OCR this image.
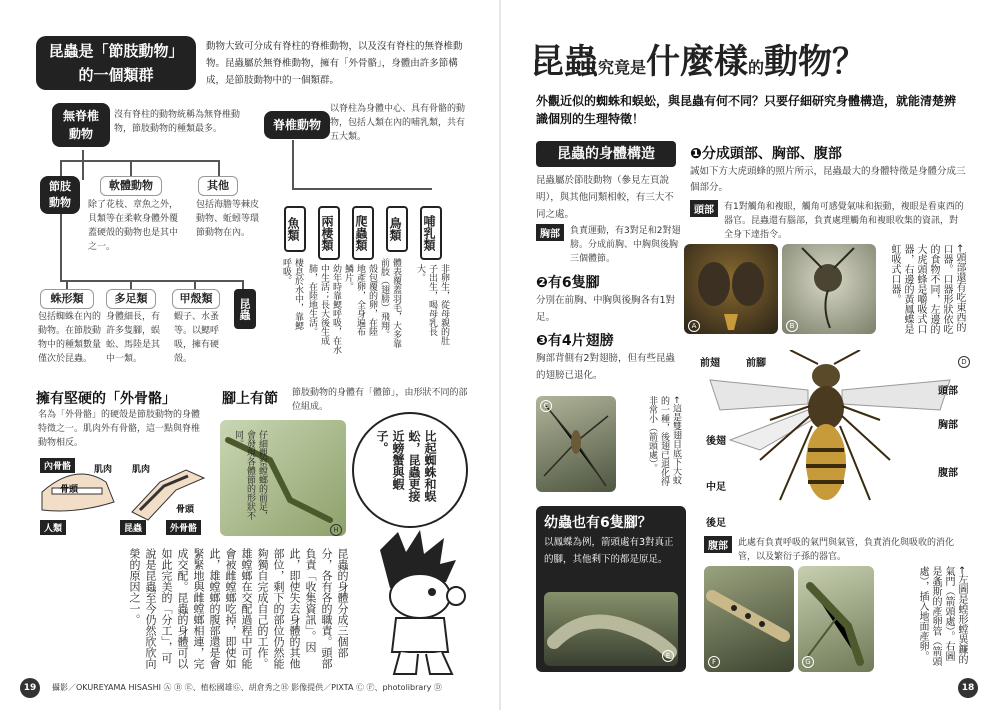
昆蟲是「節肢動物」
的一個類群
動物大致可分成有脊柱的脊椎動物，以及沒有脊柱的無脊椎動物。昆蟲屬於無脊椎動物，擁有「外骨骼」，身體由許多節構成，是節肢動物中的一個類群。
無脊椎
動物
沒有脊柱的動物統稱為無脊椎動物，節肢動物的種類最多。	脊椎動物
以脊柱為身體中心、具有骨骼的動物，包括人類在內的哺乳類，共有五大類。
節肢
動物
軟體動物
除了花枝、章魚之外，貝類等在柔軟身體外覆蓋硬殼的動物也是其中之一。
其他
包括海膽等棘皮動物、蚯蚓等環節動物在內。
蛛形類
包括蜘蛛在內的動物。在節肢動物中的種類數量僅次於昆蟲。
多足類
身體細長，有許多隻腳，蜈蚣、馬陸是其中一類。
甲殼類
蝦子、水蚤等。以鰓呼吸，擁有硬殼。
昆蟲
魚類
棲息於水中，靠鰓呼吸。
兩棲類
幼年時靠鰓呼吸，在水中生活；長大後生成肺，在陸地生活。
爬蟲類
殼包覆的卵，在陸地產卵，全身遍布鱗片。
鳥類
體表覆蓋羽毛，大多靠前肢（翅膀）飛翔。
哺乳類
非卵生，從母親的肚子出生，喝母乳長大。
擁有堅硬的「外骨骼」
名為「外骨骼」的硬殼是節肢動物的身體特徵之一。肌肉外有骨骼，這一點與脊椎動物相反。
內骨骼	肌肉
骨頭
肌肉
骨頭
人類	昆蟲	外骨骼
腳上有節 節肢動物的身體有「體節」，由形狀不同的部位組成。
H
仔細觀察螳螂的前足，會發現各體節的形狀不同。	比起蜘蛛和蜈蚣，昆蟲更接近螃蟹與蝦子。
昆蟲的身體分成三個部分，各有各的職責。頭部負責「收集資訊」。因此，即使失去身體的其他部位，剩下的部位仍然能夠獨自完成自己的工作。雄螳螂在交配過程中可能會被雌螳螂吃掉，即使如此，雄螳螂的腹部還是會緊緊地與雌螳螂相連，完成交配。昆蟲的身體可以如此完美的「分工」，可說是昆蟲至今仍然欣欣向榮的原因之一。
19	攝影／OKUREYAMA HISASHI Ⓐ Ⓑ Ⓔ、植松國雄Ⓖ、胡倉秀之Ⓗ 影像提供／PIXTA Ⓒ Ⓕ、photolibrary Ⓓ
昆蟲究竟是什麼樣的動物？
外觀近似的蜘蛛和蜈蚣，與昆蟲有何不同？只要仔細研究身體構造，就能清楚辨識個別的生理特徵！
昆蟲的身體構造
昆蟲屬於節肢動物（參見左頁說明），與其他同類相較，有三大不同之處。
胸部	負責運動，有3對足和2對翅膀。分成前胸、中胸與後胸三個體節。
❶分成頭部、胸部、腹部
誠如下方大虎頭蜂的照片所示，昆蟲最大的身體特徵是身體分成三個部分。
頭部	有1對觸角和複眼，觸角可感覺氣味和振動，複眼是看東西的器官。昆蟲還有腦部，負責處理觸角和複眼收集的資訊，對全身下達指令。
A	B	←頭部還有吃東西的口器。口器形狀依吃的食物不同，左邊的大虎頭蜂是嚼吸式口器，右邊的黃鳳蝶是虹吸式口器。
❷有6隻腳
分別在前胸、中胸與後胸各有1對足。
❸有4片翅膀
胸部背側有2對翅膀，但有些昆蟲的翅膀已退化。
C	←這是雙翅目底下大蚊的一種，後翅已退化得非常小（箭頭處）。
幼蟲也有6隻腳？
以鳳蝶為例，箭頭處有3對真正的腳，其他剩下的都是原足。
E
前翅	前腳
頭部
胸部
後翅
腹部
中足
後足
D
腹部	此處有負責呼吸的氣門與氣管，負責消化與吸收的消化管，以及繁衍子孫的器官。
F	G	←左圖是蝗形螳異鐮的氣門（箭頭處）。右圖是螽斯的產卵管（箭頭處），插入地面產卵。
18
